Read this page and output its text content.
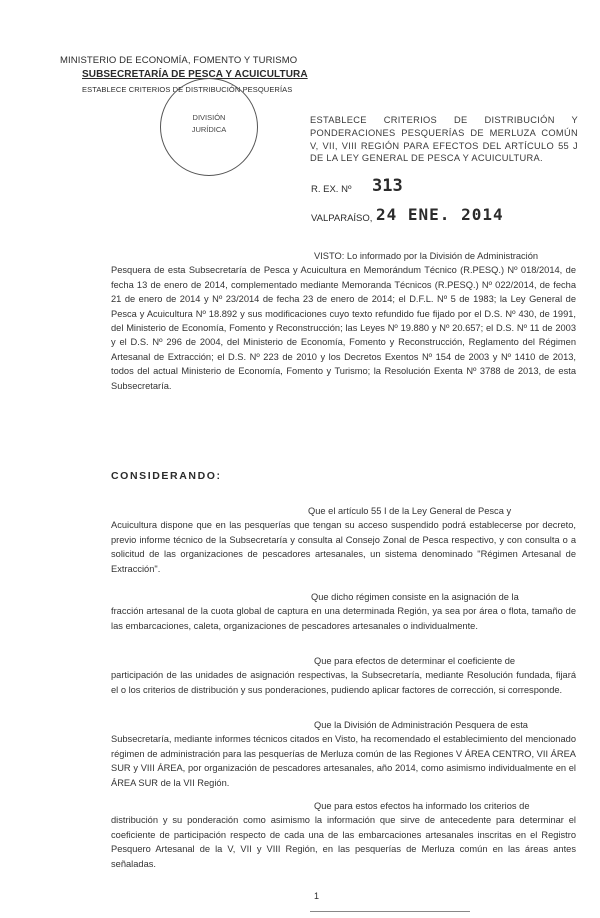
MINISTERIO DE ECONOMÍA, FOMENTO Y TURISMO
SUBSECRETARÍA DE PESCA Y ACUICULTURA
ESTABLECE CRITERIOS DE DISTRIBUCIÓN PESQUERÍAS
DIVISIÓN
JURÍDICA
ESTABLECE CRITERIOS DE DISTRIBUCIÓN Y PONDERACIONES PESQUERÍAS DE MERLUZA COMÚN V, VII, VIII REGIÓN PARA EFECTOS DEL ARTÍCULO 55 J DE LA LEY GENERAL DE PESCA Y ACUICULTURA.
R. EX. Nº 313
VALPARAÍSO, 24 ENE. 2014
VISTO: Lo informado por la División de Administración
Pesquera de esta Subsecretaría de Pesca y Acuicultura en Memorándum Técnico (R.PESQ.) Nº 018/2014, de fecha 13 de enero de 2014, complementado mediante Memoranda Técnicos (R.PESQ.) Nº 022/2014, de fecha 21 de enero de 2014 y Nº 23/2014 de fecha 23 de enero de 2014; el D.F.L. Nº 5 de 1983; la Ley General de Pesca y Acuicultura Nº 18.892 y sus modificaciones cuyo texto refundido fue fijado por el D.S. Nº 430, de 1991, del Ministerio de Economía, Fomento y Reconstrucción; las Leyes Nº 19.880 y Nº 20.657; el D.S. Nº 11 de 2003 y el D.S. Nº 296 de 2004, del Ministerio de Economía, Fomento y Reconstrucción, Reglamento del Régimen Artesanal de Extracción; el D.S. Nº 223 de 2010 y los Decretos Exentos Nº 154 de 2003 y Nº 1410 de 2013, todos del actual Ministerio de Economía, Fomento y Turismo; la Resolución Exenta Nº 3788 de 2013, de esta Subsecretaría.
CONSIDERANDO:
Que el artículo 55 I de la Ley General de Pesca y
Acuicultura dispone que en las pesquerías que tengan su acceso suspendido podrá establecerse por decreto, previo informe técnico de la Subsecretaría y consulta al Consejo Zonal de Pesca respectivo, y con consulta o a solicitud de las organizaciones de pescadores artesanales, un sistema denominado "Régimen Artesanal de Extracción".
Que dicho régimen consiste en la asignación de la
fracción artesanal de la cuota global de captura en una determinada Región, ya sea por área o flota, tamaño de las embarcaciones, caleta, organizaciones de pescadores artesanales o individualmente.
Que para efectos de determinar el coeficiente de
participación de las unidades de asignación respectivas, la Subsecretaría, mediante Resolución fundada, fijará el o los criterios de distribución y sus ponderaciones, pudiendo aplicar factores de corrección, si corresponde.
Que la División de Administración Pesquera de esta
Subsecretaría, mediante informes técnicos citados en Visto, ha recomendado el establecimiento del mencionado régimen de administración para las pesquerías de Merluza común de las Regiones V ÁREA CENTRO, VII ÁREA SUR y VIII ÁREA, por organización de pescadores artesanales, año 2014, como asimismo individualmente en el ÁREA SUR de la VII Región.
Que para estos efectos ha informado los criterios de
distribución y su ponderación como asimismo la información que sirve de antecedente para determinar el coeficiente de participación respecto de cada una de las embarcaciones artesanales inscritas en el Registro Pesquero Artesanal de la V, VII y VIII Región, en las pesquerías de Merluza común en las áreas antes señaladas.
1
